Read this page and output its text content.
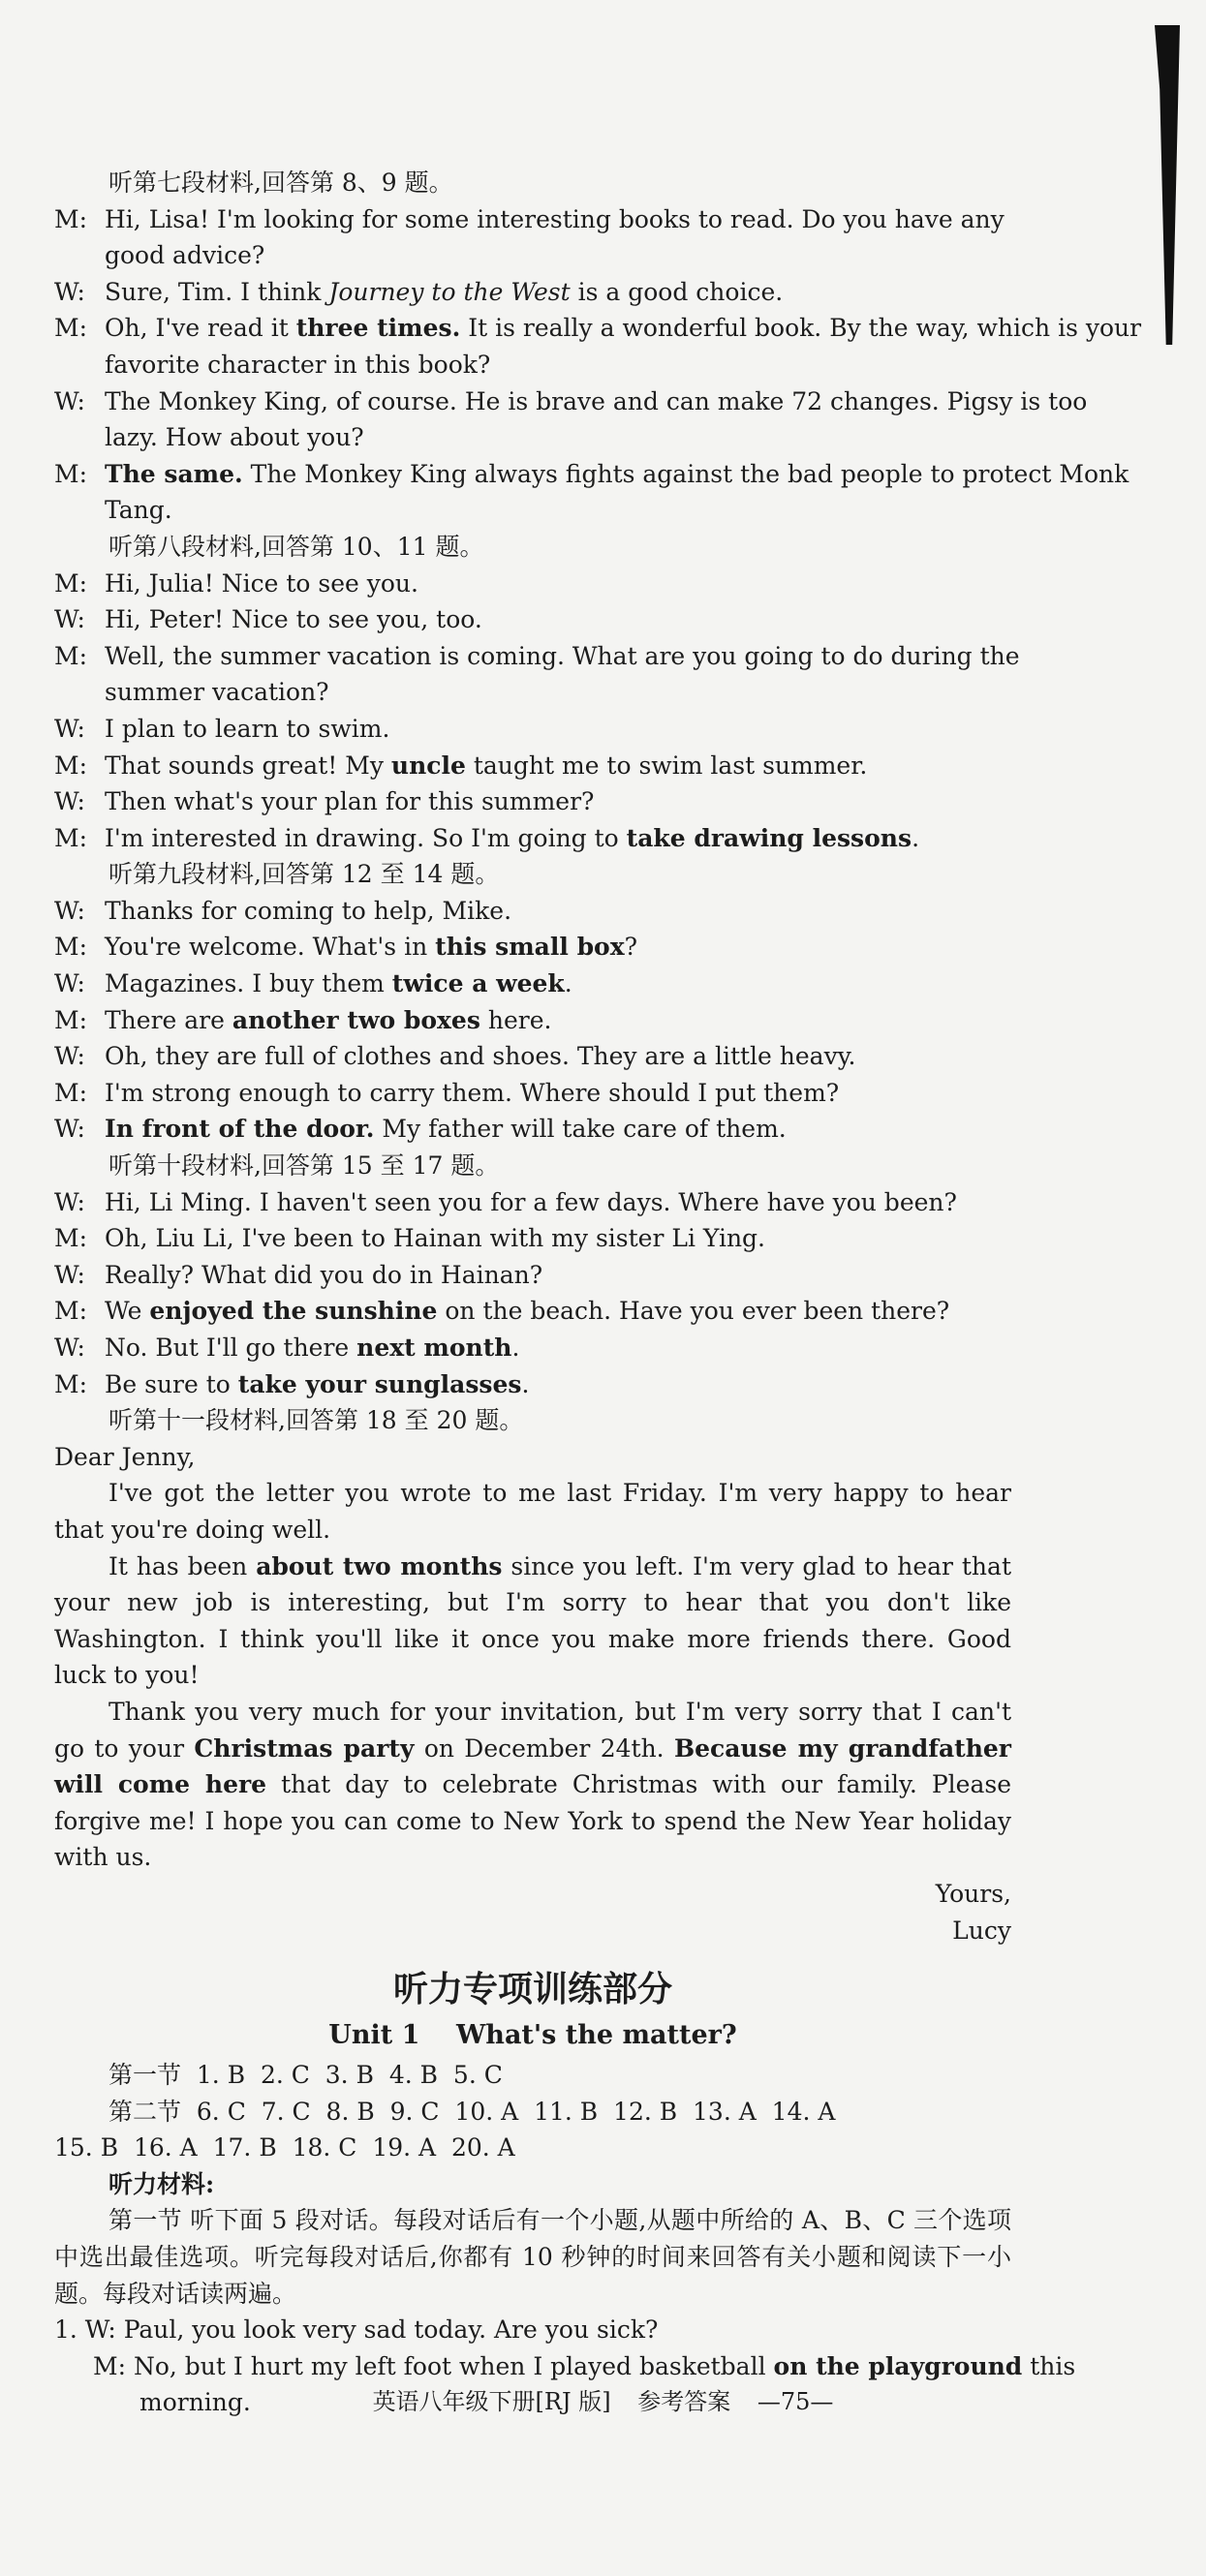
听第七段材料,回答第 8、9 题。
M: Hi, Lisa! I'm looking for some interesting books to read. Do you have any
good advice?
W: Sure, Tim. I think Journey to the West is a good choice.
M: Oh, I've read it three times. It is really a wonderful book. By the way, which is your
favorite character in this book?
W: The Monkey King, of course. He is brave and can make 72 changes. Pigsy is too
lazy. How about you?
M: The same. The Monkey King always fights against the bad people to protect Monk
Tang.
听第八段材料,回答第 10、11 题。
M: Hi, Julia! Nice to see you.
W: Hi, Peter! Nice to see you, too.
M: Well, the summer vacation is coming. What are you going to do during the
summer vacation?
W: I plan to learn to swim.
M: That sounds great! My uncle taught me to swim last summer.
W: Then what's your plan for this summer?
M: I'm interested in drawing. So I'm going to take drawing lessons.
听第九段材料,回答第 12 至 14 题。
W: Thanks for coming to help, Mike.
M: You're welcome. What's in this small box?
W: Magazines. I buy them twice a week.
M: There are another two boxes here.
W: Oh, they are full of clothes and shoes. They are a little heavy.
M: I'm strong enough to carry them. Where should I put them?
W: In front of the door. My father will take care of them.
听第十段材料,回答第 15 至 17 题。
W: Hi, Li Ming. I haven't seen you for a few days. Where have you been?
M: Oh, Liu Li, I've been to Hainan with my sister Li Ying.
W: Really? What did you do in Hainan?
M: We enjoyed the sunshine on the beach. Have you ever been there?
W: No. But I'll go there next month.
M: Be sure to take your sunglasses.
听第十一段材料,回答第 18 至 20 题。
Dear Jenny,
I've got the letter you wrote to me last Friday. I'm very happy to hear that you're doing well.
It has been about two months since you left. I'm very glad to hear that your new job is interesting, but I'm sorry to hear that you don't like Washington. I think you'll like it once you make more friends there. Good luck to you!
Thank you very much for your invitation, but I'm very sorry that I can't go to your Christmas party on December 24th. Because my grandfather will come here that day to celebrate Christmas with our family. Please forgive me! I hope you can come to New York to spend the New Year holiday with us.
Yours,
Lucy
听力专项训练部分
Unit 1    What's the matter?
第一节  1. B  2. C  3. B  4. B  5. C
第二节  6. C  7. C  8. B  9. C  10. A  11. B  12. B  13. A  14. A
15. B  16. A  17. B  18. C  19. A  20. A
听力材料:
第一节 听下面 5 段对话。每段对话后有一个小题,从题中所给的 A、B、C 三个选项中选出最佳选项。听完每段对话后,你都有 10 秒钟的时间来回答有关小题和阅读下一小题。每段对话读两遍。
1. W: Paul, you look very sad today. Are you sick?
M: No, but I hurt my left foot when I played basketball on the playground this
morning.	英语八年级下册[RJ 版] 参考答案 —75—
